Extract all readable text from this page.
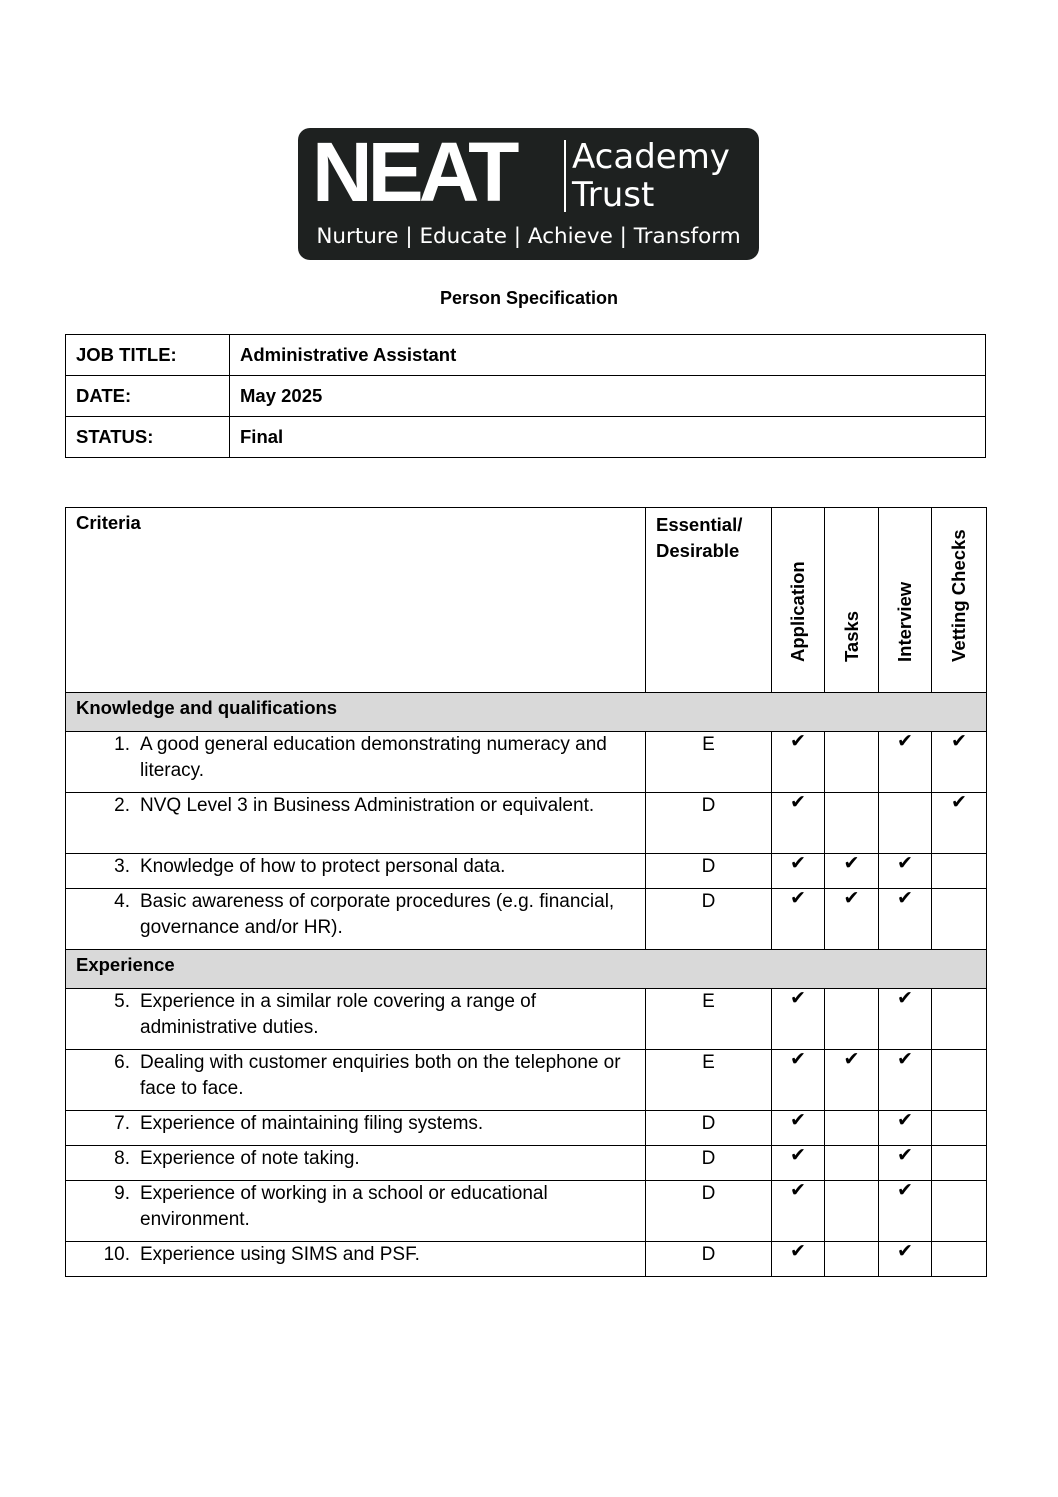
NEAT Academy
Trust
Nurture | Educate | Achieve | Transform
Person Specification
JOB TITLE:	Administrative Assistant
DATE:	May 2025
STATUS:	Final
Criteria	Essential/ Desirable	Application	Tasks	Interview	Vetting Checks

Knowledge and qualifications					

1. A good general education demonstrating numeracy and literacy.	E	✔		✔	✔

2. NVQ Level 3 in Business Administration or equivalent.	D	✔			✔

3. Knowledge of how to protect personal data.	D	✔	✔	✔	

4. Basic awareness of corporate procedures (e.g. financial, governance and/or HR).	D	✔	✔	✔	
Experience					

5. Experience in a similar role covering a range of administrative duties.	E	✔		✔	

6. Dealing with customer enquiries both on the telephone or face to face.	E	✔	✔	✔	

7. Experience of maintaining filing systems.	D	✔		✔	

8. Experience of note taking.	D	✔		✔	

9. Experience of working in a school or educational environment.	D	✔		✔	

10. Experience using SIMS and PSF.	D	✔		✔	
